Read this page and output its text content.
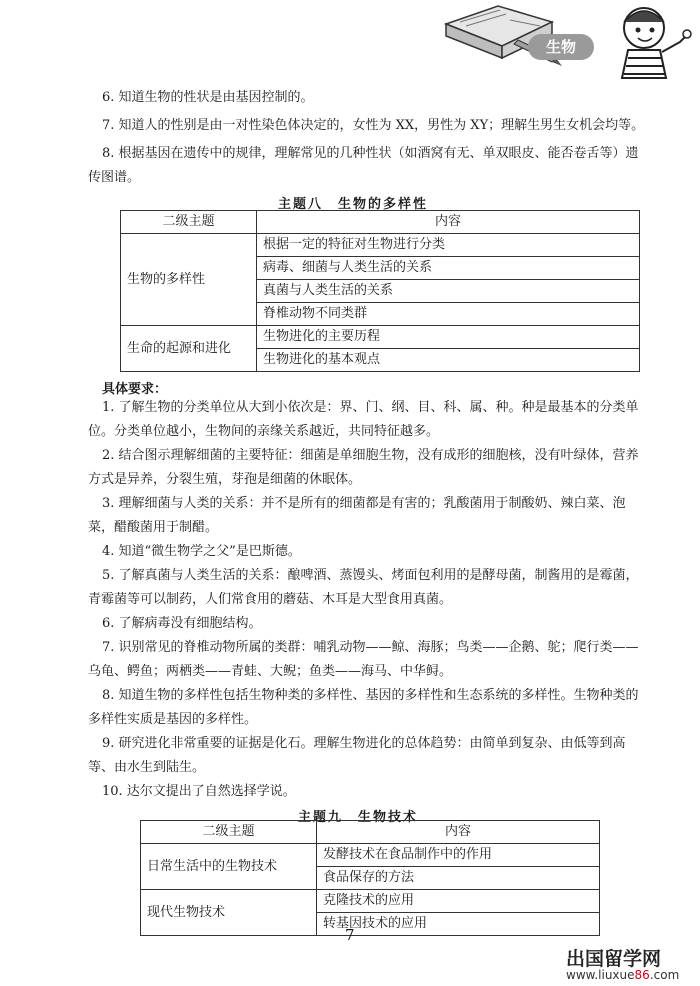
生物

6. 知道生物的性状是由基因控制的。

7. 知道人的性别是由一对性染色体决定的，女性为 XX，男性为 XY；理解生男生女机会均等。

8. 根据基因在遗传中的规律，理解常见的几种性状（如酒窝有无、单双眼皮、能否卷舌等）遗传图谱。

主题八　生物的多样性
二级主题	内容
生物的多样性	根据一定的特征对生物进行分类
	病毒、细菌与人类生活的关系
	真菌与人类生活的关系
	脊椎动物不同类群
生命的起源和进化	生物进化的主要历程
	生物进化的基本观点
具体要求：

1. 了解生物的分类单位从大到小依次是：界、门、纲、目、科、属、种。种是最基本的分类单位。分类单位越小，生物间的亲缘关系越近，共同特征越多。

2. 结合图示理解细菌的主要特征：细菌是单细胞生物，没有成形的细胞核，没有叶绿体，营养方式是异养，分裂生殖，芽孢是细菌的休眠体。

3. 理解细菌与人类的关系：并不是所有的细菌都是有害的；乳酸菌用于制酸奶、辣白菜、泡菜，醋酸菌用于制醋。

4. 知道“微生物学之父”是巴斯德。

5. 了解真菌与人类生活的关系：酿啤酒、蒸馒头、烤面包利用的是酵母菌，制酱用的是霉菌，青霉菌等可以制药，人们常食用的蘑菇、木耳是大型食用真菌。

6. 了解病毒没有细胞结构。

7. 识别常见的脊椎动物所属的类群：哺乳动物——鲸、海豚；鸟类——企鹅、鸵；爬行类——乌龟、鳄鱼；两栖类——青蛙、大鲵；鱼类——海马、中华鲟。

8. 知道生物的多样性包括生物种类的多样性、基因的多样性和生态系统的多样性。生物种类的多样性实质是基因的多样性。

9. 研究进化非常重要的证据是化石。理解生物进化的总体趋势：由简单到复杂、由低等到高等、由水生到陆生。

10. 达尔文提出了自然选择学说。

主题九　生物技术
二级主题	内容
日常生活中的生物技术	发酵技术在食品制作中的作用
	食品保存的方法
现代生物技术	克隆技术的应用
	转基因技术的应用
7
出国留学网
www.liuxue86.com
